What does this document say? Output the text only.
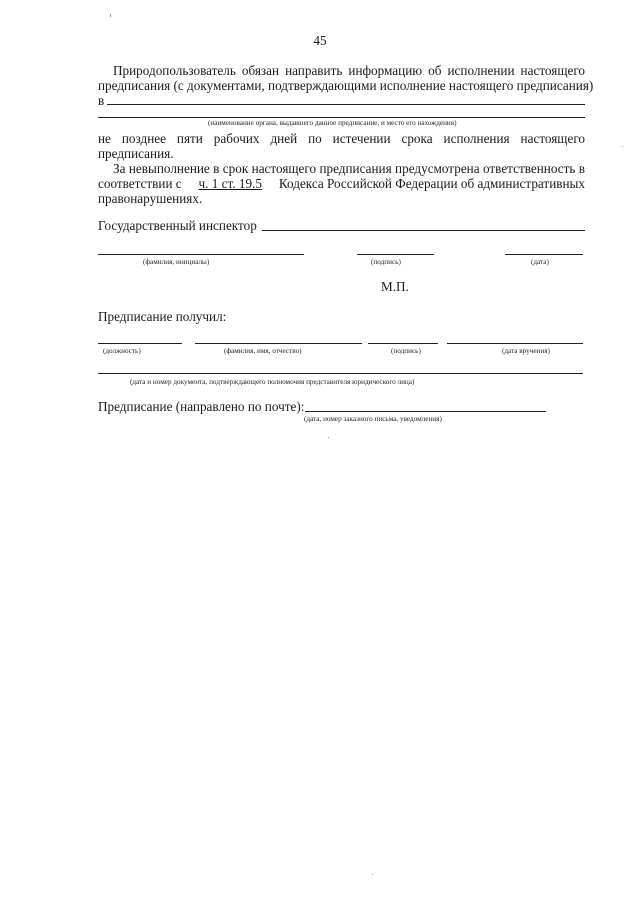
45
Природопользователь обязан направить информацию об исполнении настоящего
предписания (с документами, подтверждающими исполнение настоящего предписания)
в
(наименование органа, выдавшего данное предписание, и место его нахождения)
не позднее пяти рабочих дней по истечении срока исполнения настоящего
предписания.
За невыполнение в срок настоящего предписания предусмотрена ответственность в
соответствии с ч. 1 ст. 19.5 Кодекса Российской Федерации об административных
правонарушениях.
Государственный инспектор
(фамилия, инициалы)	(подпись)	(дата)
М.П.
Предписание получил:
(должность)	(фамилия, имя, отчество)	(подпись)	(дата вручения)
(дата и номер документа, подтверждающего полномочия представителя юридического лица)
Предписание (направлено по почте):
(дата, номер заказного письма, уведомления)
